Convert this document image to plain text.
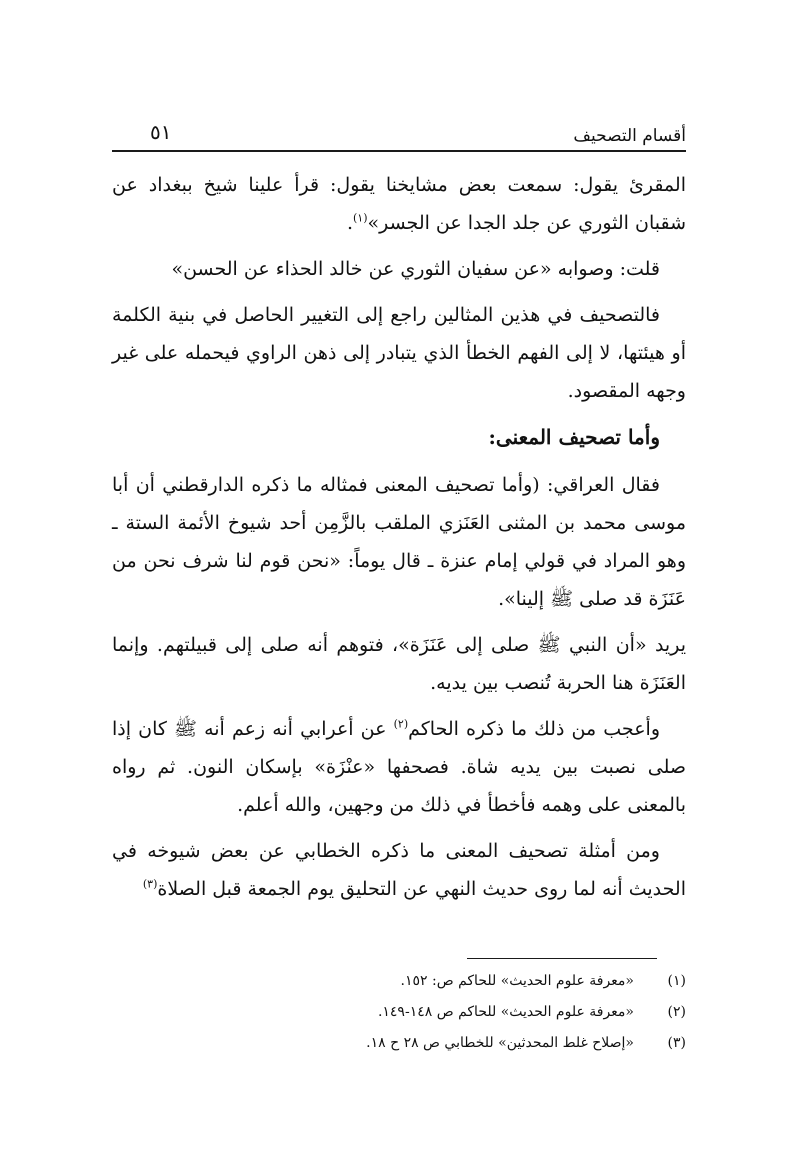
أقسام التصحيف
٥١

المقرئ يقول: سمعت بعض مشايخنا يقول: قرأ علينا شيخ ببغداد عن شقبان الثوري عن جلد الجدا عن الجسر»$^{(١)}$.

قلت: وصوابه «عن سفيان الثوري عن خالد الحذاء عن الحسن»

فالتصحيف في هذين المثالين راجع إلى التغيير الحاصل في بنية الكلمة أو هيئتها، لا إلى الفهم الخطأ الذي يتبادر إلى ذهن الراوي فيحمله على غير وجهه المقصود.

وأما تصحيف المعنى:

فقال العراقي: (وأما تصحيف المعنى فمثاله ما ذكره الدارقطني أن أبا موسى محمد بن المثنى العَنَزي الملقب بالزَّمِن أحد شيوخ الأئمة الستة ـ وهو المراد في قولي إمام عنزة ـ قال يوماً: «نحن قوم لنا شرف نحن من عَنَزَة قد صلى ﷺ إلينا».

يريد «أن النبي ﷺ صلى إلى عَنَزَة»، فتوهم أنه صلى إلى قبيلتهم. وإنما العَنَزَة هنا الحربة تُنصب بين يديه.

وأعجب من ذلك ما ذكره الحاكم$^{(٢)}$ عن أعرابي أنه زعم أنه ﷺ كان إذا صلى نصبت بين يديه شاة. فصحفها «عنْزَة» بإسكان النون. ثم رواه بالمعنى على وهمه فأخطأ في ذلك من وجهين، والله أعلم.

ومن أمثلة تصحيف المعنى ما ذكره الخطابي عن بعض شيوخه في الحديث أنه لما روى حديث النهي عن التحليق يوم الجمعة قبل الصلاة$^{(٣)}$

(١)
«معرفة علوم الحديث» للحاكم ص: ١٥٢.
(٢)
«معرفة علوم الحديث» للحاكم ص ١٤٨-١٤٩.
(٣)
«إصلاح غلط المحدثين» للخطابي ص ٢٨ ح ١٨.
